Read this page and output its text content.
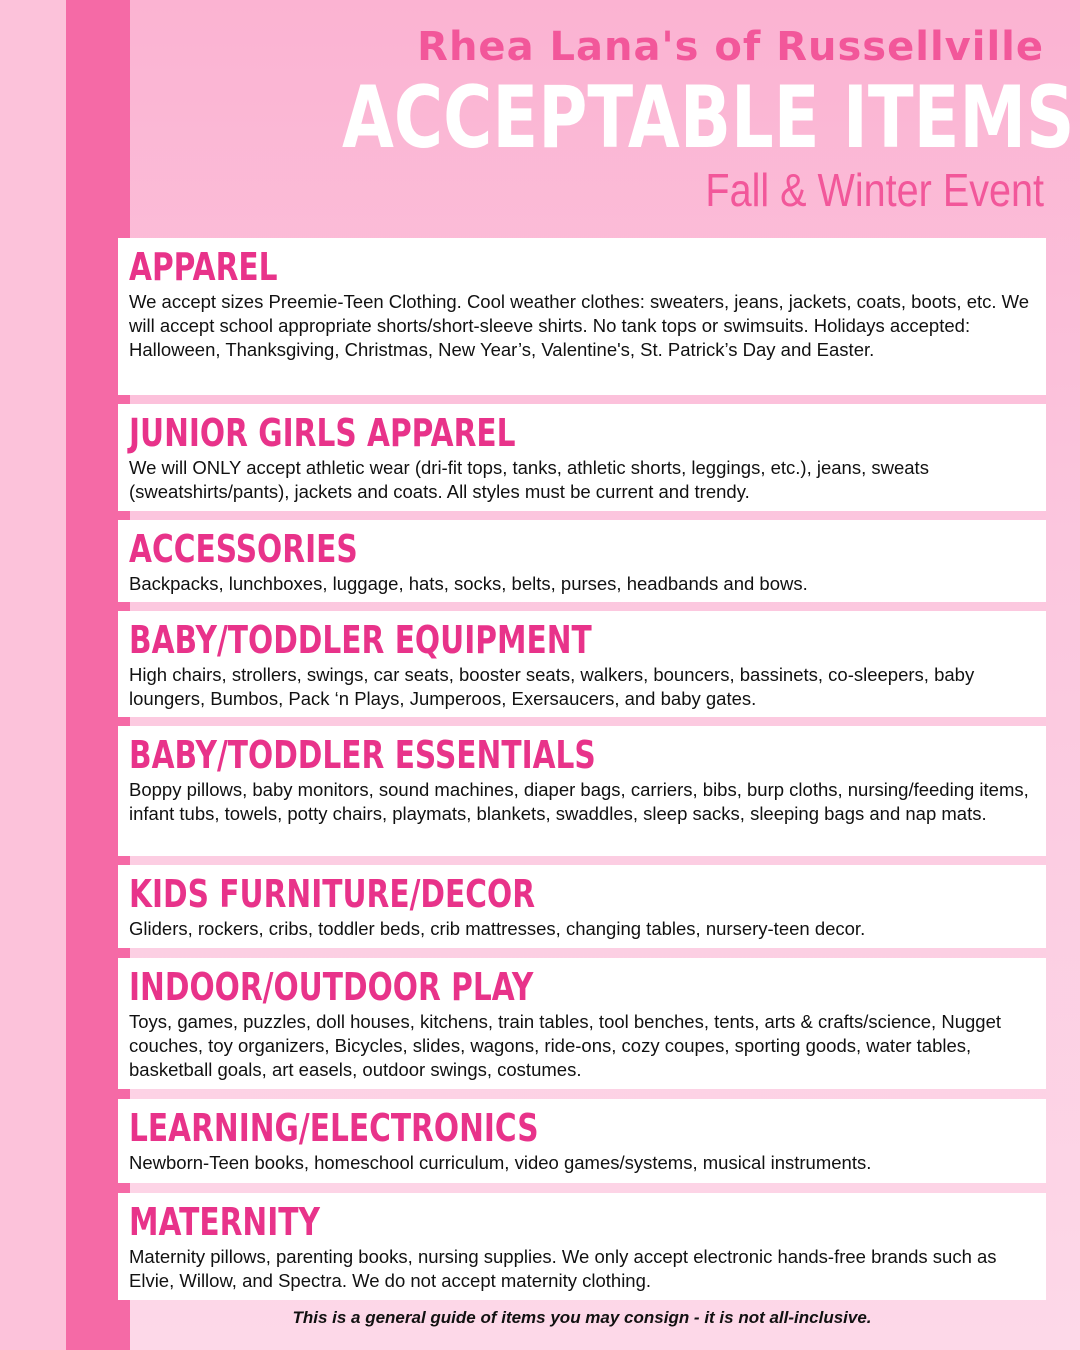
Rhea Lana's of Russellville
ACCEPTABLE ITEMS
Fall & Winter Event
APPAREL

We accept sizes Preemie-Teen Clothing. Cool weather clothes: sweaters, jeans, jackets, coats, boots, etc. We will accept school appropriate shorts/short-sleeve shirts. No tank tops or swimsuits. Holidays accepted: Halloween, Thanksgiving, Christmas, New Year’s, Valentine's, St. Patrick’s Day and Easter.

JUNIOR GIRLS APPAREL

We will ONLY accept athletic wear (dri-fit tops, tanks, athletic shorts, leggings, etc.), jeans, sweats (sweatshirts/pants), jackets and coats. All styles must be current and trendy.

ACCESSORIES

Backpacks, lunchboxes, luggage, hats, socks, belts, purses, headbands and bows.

BABY/TODDLER EQUIPMENT

High chairs, strollers, swings, car seats, booster seats, walkers, bouncers, bassinets, co-sleepers, baby loungers, Bumbos, Pack ‘n Plays, Jumperoos, Exersaucers, and baby gates.

BABY/TODDLER ESSENTIALS

Boppy pillows, baby monitors, sound machines, diaper bags, carriers, bibs, burp cloths, nursing/feeding items, infant tubs, towels, potty chairs, playmats, blankets, swaddles, sleep sacks, sleeping bags and nap mats.

KIDS FURNITURE/DECOR

Gliders, rockers, cribs, toddler beds, crib mattresses, changing tables, nursery-teen decor.

INDOOR/OUTDOOR PLAY

Toys, games, puzzles, doll houses, kitchens, train tables, tool benches, tents, arts & crafts/science, Nugget couches, toy organizers, Bicycles, slides, wagons, ride-ons, cozy coupes, sporting goods, water tables, basketball goals, art easels, outdoor swings, costumes.

LEARNING/ELECTRONICS

Newborn-Teen books, homeschool curriculum, video games/systems, musical instruments.

MATERNITY

Maternity pillows, parenting books, nursing supplies. We only accept electronic hands-free brands such as Elvie, Willow, and Spectra. We do not accept maternity clothing.

This is a general guide of items you may consign - it is not all-inclusive.
